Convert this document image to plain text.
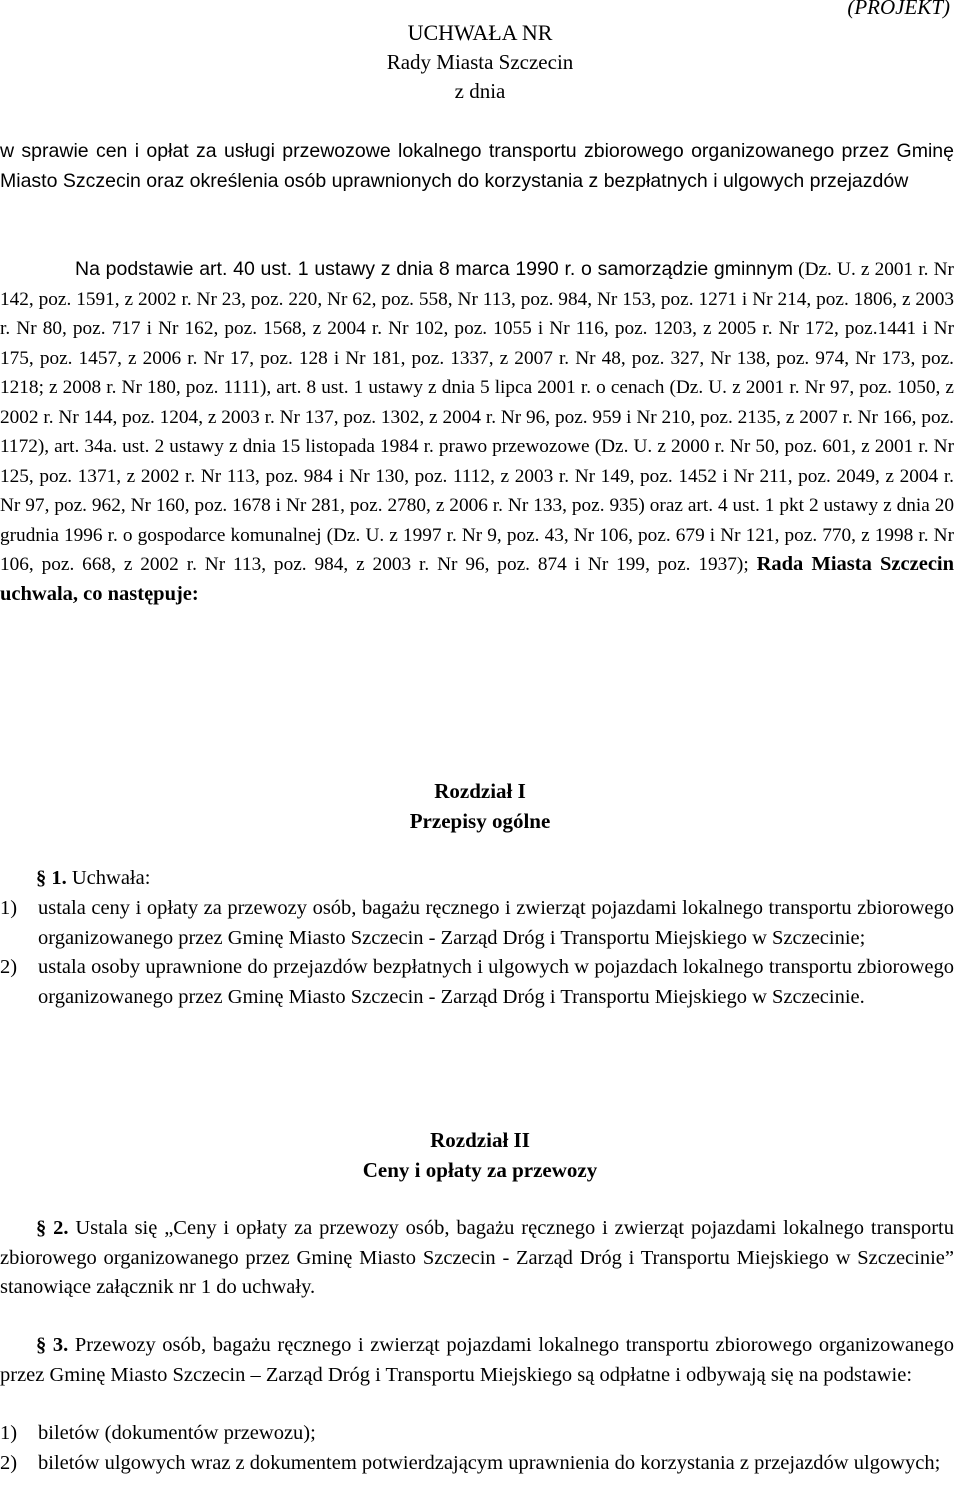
(PROJEKT)
UCHWAŁA NR
Rady Miasta Szczecin
z dnia
w sprawie cen i opłat za usługi przewozowe lokalnego transportu zbiorowego organizowanego przez Gminę Miasto Szczecin oraz określenia osób uprawnionych do korzystania z bezpłatnych i ulgowych przejazdów
Na podstawie art. 40 ust. 1 ustawy z dnia 8 marca 1990 r. o samorządzie gminnym (Dz. U. z 2001 r. Nr 142, poz. 1591, z 2002 r. Nr 23, poz. 220, Nr 62, poz. 558, Nr 113, poz. 984, Nr 153, poz. 1271 i Nr 214, poz. 1806, z 2003 r. Nr 80, poz. 717 i Nr 162, poz. 1568, z 2004 r. Nr 102, poz. 1055 i Nr 116, poz. 1203, z 2005 r. Nr 172, poz.1441 i Nr 175, poz. 1457, z 2006 r. Nr 17, poz. 128 i Nr 181, poz. 1337, z 2007 r. Nr 48, poz. 327, Nr 138, poz. 974, Nr 173, poz. 1218; z 2008 r. Nr 180, poz. 1111), art. 8 ust. 1 ustawy z dnia 5 lipca 2001 r. o cenach (Dz. U. z 2001 r. Nr 97, poz. 1050, z 2002 r. Nr 144, poz. 1204, z 2003 r. Nr 137, poz. 1302, z 2004 r. Nr 96, poz. 959 i Nr 210, poz. 2135, z 2007 r. Nr 166, poz. 1172), art. 34a. ust. 2 ustawy z dnia 15 listopada 1984 r. prawo przewozowe (Dz. U. z 2000 r. Nr 50, poz. 601, z 2001 r. Nr 125, poz. 1371, z 2002 r. Nr 113, poz. 984 i Nr 130, poz. 1112, z 2003 r. Nr 149, poz. 1452 i Nr 211, poz. 2049, z 2004 r. Nr 97, poz. 962, Nr 160, poz. 1678 i Nr 281, poz. 2780, z 2006 r. Nr 133, poz. 935) oraz art. 4 ust. 1 pkt 2 ustawy z dnia 20 grudnia 1996 r. o gospodarce komunalnej (Dz. U. z 1997 r. Nr 9, poz. 43, Nr 106, poz. 679 i Nr 121, poz. 770, z 1998 r. Nr 106, poz. 668, z 2002 r. Nr 113, poz. 984, z 2003 r. Nr 96, poz. 874 i Nr 199, poz. 1937); Rada Miasta Szczecin uchwala, co następuje:
Rozdział I
Przepisy ogólne
§ 1. Uchwała:
1) ustala ceny i opłaty za przewozy osób, bagażu ręcznego i zwierząt pojazdami lokalnego transportu zbiorowego organizowanego przez Gminę Miasto Szczecin - Zarząd Dróg i Transportu Miejskiego w Szczecinie;
2) ustala osoby uprawnione do przejazdów bezpłatnych i ulgowych w pojazdach lokalnego transportu zbiorowego organizowanego przez Gminę Miasto Szczecin - Zarząd Dróg i Transportu Miejskiego w Szczecinie.
Rozdział II
Ceny i opłaty za przewozy
§ 2. Ustala się „Ceny i opłaty za przewozy osób, bagażu ręcznego i zwierząt pojazdami lokalnego transportu zbiorowego organizowanego przez Gminę Miasto Szczecin - Zarząd Dróg i Transportu Miejskiego w Szczecinie” stanowiące załącznik nr 1 do uchwały.
§ 3. Przewozy osób, bagażu ręcznego i zwierząt pojazdami lokalnego transportu zbiorowego organizowanego przez Gminę Miasto Szczecin – Zarząd Dróg i Transportu Miejskiego są odpłatne i odbywają się na podstawie:
1) biletów (dokumentów przewozu);
2) biletów ulgowych wraz z dokumentem potwierdzającym uprawnienia do korzystania z przejazdów ulgowych;
